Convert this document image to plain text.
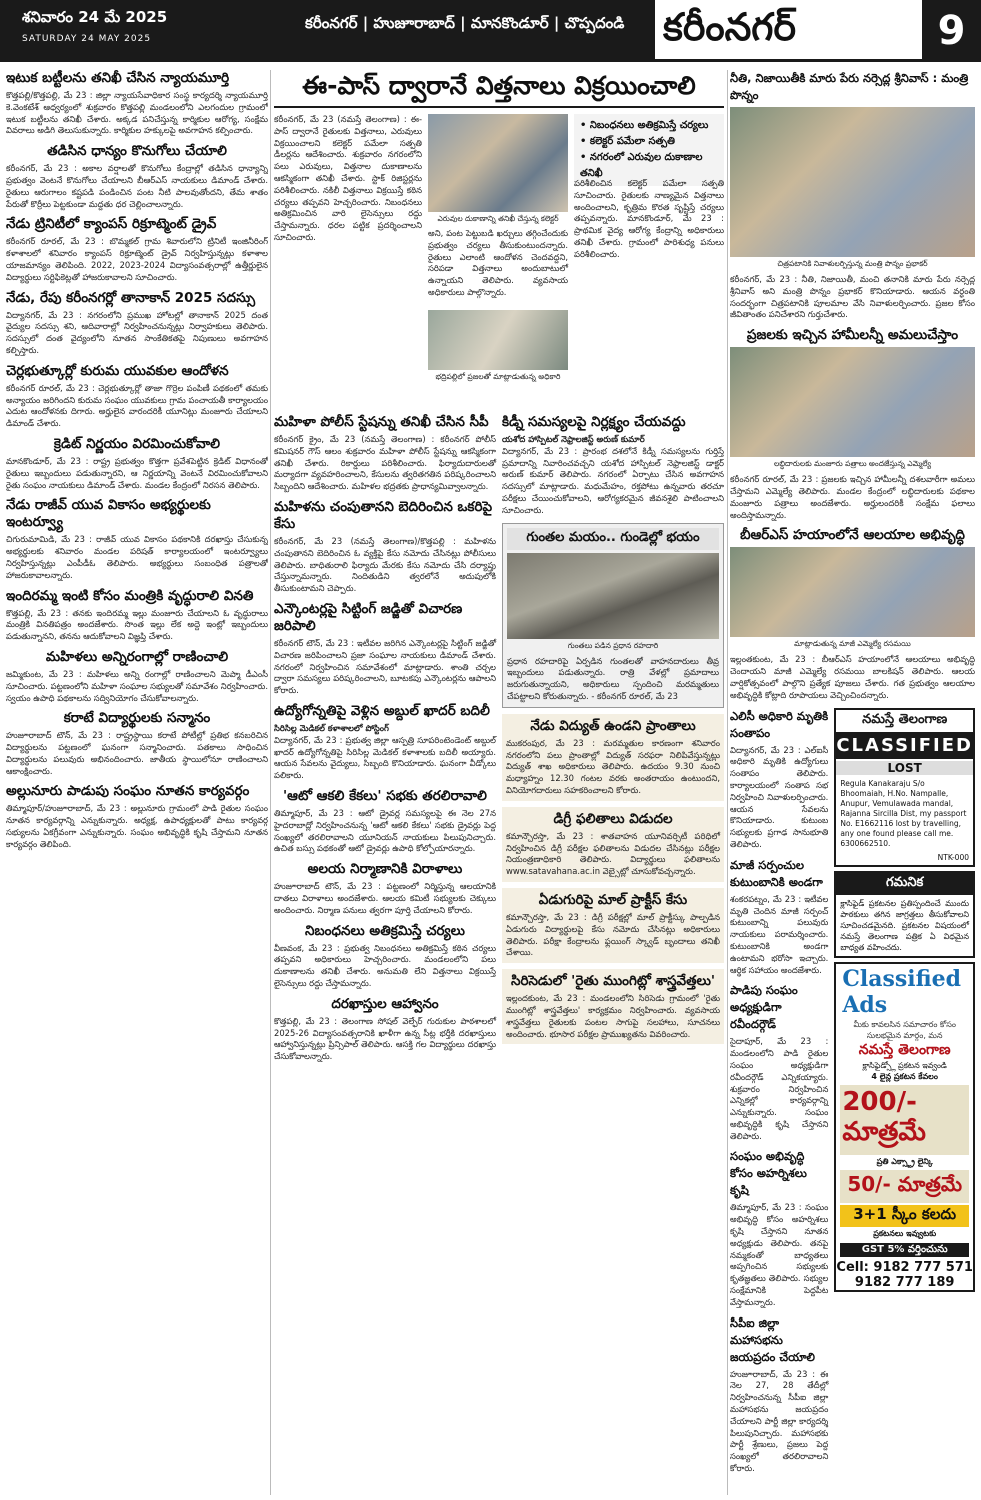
శనివారం 24 మే 2025
SATURDAY 24 MAY 2025
కరీంనగర్ | హుజూరాబాద్ | మానకొండూర్ | చొప్పదండి	కరీంనగర్	9
ఇటుక బట్టీలను తనిఖీ చేసిన న్యాయమూర్తి
కొత్తపల్లి/కొత్తపల్లి, మే 23 : జిల్లా న్యాయసేవాధికార సంస్థ కార్యదర్శి న్యాయమూర్తి కె.వెంకటేశ్ ఆధ్వర్యంలో శుక్రవారం కొత్తపల్లి మండలంలోని ఎలగందుల గ్రామంలో ఇటుక బట్టీలను తనిఖీ చేశారు. అక్కడ పనిచేస్తున్న కార్మికుల ఆరోగ్య, సంక్షేమ వివరాలు అడిగి తెలుసుకున్నారు. కార్మికుల హక్కులపై అవగాహన కల్పించారు.
తడిసిన ధాన్యం కొనుగోలు చేయాలి
కరీంనగర్, మే 23 : అకాల వర్షాలతో కొనుగోలు కేంద్రాల్లో తడిసిన ధాన్యాన్ని ప్రభుత్వం వెంటనే కొనుగోలు చేయాలని బీఆర్ఎస్ నాయకులు డిమాండ్ చేశారు. రైతులు ఆరుగాలం కష్టపడి పండించిన పంట నీటి పాలవుతోందని, తేమ శాతం పేరుతో కొర్రీలు పెట్టకుండా మద్దతు ధర చెల్లించాలన్నారు.
నేడు ట్రినిటీలో క్యాంపస్ రిక్రూట్మెంట్ డ్రైవ్
కరీంనగర్ రూరల్, మే 23 : బొమ్మకల్ గ్రామ శివారులోని ట్రినిటీ ఇంజినీరింగ్ కళాశాలలో శనివారం క్యాంపస్ రిక్రూట్మెంట్ డ్రైవ్ నిర్వహిస్తున్నట్లు కళాశాల యాజమాన్యం తెలిపింది. 2022, 2023-2024 విద్యాసంవత్సరాల్లో ఉత్తీర్ణులైన విద్యార్థులు సర్టిఫికెట్లతో హాజరుకావాలని సూచించారు.
నేడు, రేపు కరీంనగర్లో తానాకాన్ 2025 సదస్సు
విద్యానగర్, మే 23 : నగరంలోని ప్రముఖ హోటల్లో తానాకాన్ 2025 దంత వైద్యుల సదస్సు శని, ఆదివారాల్లో నిర్వహించనున్నట్లు నిర్వాహకులు తెలిపారు. సదస్సులో దంత వైద్యంలోని నూతన సాంకేతికతపై నిపుణులు అవగాహన కల్పిస్తారు.
చెర్లభుత్కూర్లో కురుమ యువకుల ఆందోళన
కరీంనగర్ రూరల్, మే 23 : చెర్లభుత్కూర్లో తాజా గొర్రెల పంపిణీ పథకంలో తమకు అన్యాయం జరిగిందని కురుమ సంఘం యువకులు గ్రామ పంచాయతీ కార్యాలయం ఎదుట ఆందోళనకు దిగారు. అర్హులైన వారందరికీ యూనిట్లు మంజూరు చేయాలని డిమాండ్ చేశారు.
క్రెడిట్ నిర్ణయం విరమించుకోవాలి
మానకొండూర్, మే 23 : రాష్ట్ర ప్రభుత్వం కొత్తగా ప్రవేశపెట్టిన క్రెడిట్ విధానంతో రైతులు ఇబ్బందులు పడుతున్నారని, ఆ నిర్ణయాన్ని వెంటనే విరమించుకోవాలని రైతు సంఘం నాయకులు డిమాండ్ చేశారు. మండల కేంద్రంలో నిరసన తెలిపారు.
నేడు రాజీవ్ యువ వికాసం అభ్యర్థులకు ఇంటర్వ్యూ
చిగురుమామిడి, మే 23 : రాజీవ్ యువ వికాసం పథకానికి దరఖాస్తు చేసుకున్న అభ్యర్థులకు శనివారం మండల పరిషత్ కార్యాలయంలో ఇంటర్వ్యూలు నిర్వహిస్తున్నట్లు ఎంపీడీఓ తెలిపారు. అభ్యర్థులు సంబంధిత పత్రాలతో హాజరుకావాలన్నారు.
ఇందిరమ్మ ఇంటి కోసం మంత్రికి వృద్ధురాలి వినతి
కొత్తపల్లి, మే 23 : తనకు ఇందిరమ్మ ఇల్లు మంజూరు చేయాలని ఓ వృద్ధురాలు మంత్రికి వినతిపత్రం అందజేశారు. సొంత ఇల్లు లేక అద్దె ఇంట్లో ఇబ్బందులు పడుతున్నానని, తనను ఆదుకోవాలని విజ్ఞప్తి చేశారు.
మహిళలు అన్నిరంగాల్లో రాణించాలి
జమ్మికుంట, మే 23 : మహిళలు అన్ని రంగాల్లో రాణించాలని మెప్మా డీఎంసీ సూచించారు. పట్టణంలోని మహిళా సంఘాల సభ్యులతో సమావేశం నిర్వహించారు. స్వయం ఉపాధి పథకాలను సద్వినియోగం చేసుకోవాలన్నారు.
కరాటే విద్యార్థులకు సన్మానం
హుజూరాబాద్ టౌన్, మే 23 : రాష్ట్రస్థాయి కరాటే పోటీల్లో ప్రతిభ కనబరిచిన విద్యార్థులను పట్టణంలో ఘనంగా సన్మానించారు. పతకాలు సాధించిన విద్యార్థులను పలువురు అభినందించారు. జాతీయ స్థాయిలోనూ రాణించాలని ఆకాంక్షించారు.
అల్లునూరు పాడుపు సంఘం నూతన కార్యవర్గం
తిమ్మాపూర్/హుజూరాబాద్, మే 23 : అల్లునూరు గ్రామంలో పాడి రైతుల సంఘం నూతన కార్యవర్గాన్ని ఎన్నుకున్నారు. అధ్యక్ష, ఉపాధ్యక్షులతో పాటు కార్యవర్గ సభ్యులను ఏకగ్రీవంగా ఎన్నుకున్నారు. సంఘం అభివృద్ధికి కృషి చేస్తామని నూతన కార్యవర్గం తెలిపింది.
ఈ-పాస్ ద్వారానే విత్తనాలు విక్రయించాలి
కరీంనగర్, మే 23 (నమస్తే తెలంగాణ) : ఈ-పాస్ ద్వారానే రైతులకు విత్తనాలు, ఎరువులు విక్రయించాలని కలెక్టర్ పమేలా సత్పతి డీలర్లను ఆదేశించారు. శుక్రవారం నగరంలోని పలు ఎరువులు, విత్తనాల దుకాణాలను ఆకస్మికంగా తనిఖీ చేశారు. స్టాక్ రిజిస్టర్లను పరిశీలించారు. నకిలీ విత్తనాలు విక్రయిస్తే కఠిన చర్యలు తప్పవని హెచ్చరించారు. నిబంధనలు అతిక్రమించిన వారి లైసెన్సులు రద్దు చేస్తామన్నారు. ధరల పట్టిక ప్రదర్శించాలని సూచించారు.
ఎరువుల దుకాణాన్ని తనిఖీ చేస్తున్న కలెక్టర్
• నిబంధనలు అతిక్రమిస్తే చర్యలు
• కలెక్టర్ పమేలా సత్పతి
• నగరంలో ఎరువుల దుకాణాల తనిఖీ
అని, పంట పెట్టుబడి ఖర్చులు తగ్గించేందుకు ప్రభుత్వం చర్యలు తీసుకుంటుందన్నారు. రైతులు ఎలాంటి ఆందోళన చెందవద్దని, సరిపడా విత్తనాలు అందుబాటులో ఉన్నాయని తెలిపారు. వ్యవసాయ అధికారులు పాల్గొన్నారు.
భద్రిపల్లిలో ప్రజలతో మాట్లాడుతున్న అధికారి
పరిశీలించిన కలెక్టర్ పమేలా సత్పతి సూచించారు. రైతులకు నాణ్యమైన విత్తనాలు అందించాలని, కృత్రిమ కొరత సృష్టిస్తే చర్యలు తప్పవన్నారు. మానకొండూర్, మే 23 : ప్రాథమిక వైద్య ఆరోగ్య కేంద్రాన్ని అధికారులు తనిఖీ చేశారు. గ్రామంలో పారిశుధ్య పనులు పరిశీలించారు.
మహిళా పోలీస్ స్టేషన్ను తనిఖీ చేసిన సీపీ
కరీంనగర్ క్రైం, మే 23 (నమస్తే తెలంగాణ) : కరీంనగర్ పోలీస్ కమిషనర్ గౌస్ ఆలం శుక్రవారం మహిళా పోలీస్ స్టేషన్ను ఆకస్మికంగా తనిఖీ చేశారు. రికార్డులు పరిశీలించారు. ఫిర్యాదుదారులతో మర్యాదగా వ్యవహరించాలని, కేసులను త్వరితగతిన పరిష్కరించాలని సిబ్బందిని ఆదేశించారు. మహిళల భద్రతకు ప్రాధాన్యమివ్వాలన్నారు.
మహిళను చంపుతానని బెదిరించిన ఒకరిపై కేసు
కరీంనగర్, మే 23 (నమస్తే తెలంగాణ)/కొత్తపల్లి : మహిళను చంపుతానని బెదిరించిన ఓ వ్యక్తిపై కేసు నమోదు చేసినట్లు పోలీసులు తెలిపారు. బాధితురాలి ఫిర్యాదు మేరకు కేసు నమోదు చేసి దర్యాప్తు చేస్తున్నామన్నారు. నిందితుడిని త్వరలోనే అదుపులోకి తీసుకుంటామని చెప్పారు.
ఎన్కౌంటర్లపై సిట్టింగ్ జడ్జితో విచారణ జరిపాలి
కరీంనగర్ టౌన్, మే 23 : ఇటీవల జరిగిన ఎన్కౌంటర్లపై సిట్టింగ్ జడ్జితో విచారణ జరిపించాలని ప్రజా సంఘాల నాయకులు డిమాండ్ చేశారు. నగరంలో నిర్వహించిన సమావేశంలో మాట్లాడారు. శాంతి చర్చల ద్వారా సమస్యలు పరిష్కరించాలని, బూటకపు ఎన్కౌంటర్లను ఆపాలని కోరారు.
ఉద్యోగోన్నతిపై వెళ్లిన అబ్దుల్ ఖాదర్ బదిలీ
సిరిసిల్ల మెడికల్ కళాశాలలో పోస్టింగ్
విద్యానగర్, మే 23 : ప్రభుత్వ జిల్లా ఆస్పత్రి సూపరింటెండెంట్ అబ్దుల్ ఖాదర్ ఉద్యోగోన్నతిపై సిరిసిల్ల మెడికల్ కళాశాలకు బదిలీ అయ్యారు. ఆయన సేవలను వైద్యులు, సిబ్బంది కొనియాడారు. ఘనంగా వీడ్కోలు పలికారు.
'ఆటో ఆకలి కేకలు' సభకు తరలిరావాలి
తిమ్మాపూర్, మే 23 : ఆటో డ్రైవర్ల సమస్యలపై ఈ నెల 27న హైదరాబాద్లో నిర్వహించనున్న 'ఆటో ఆకలి కేకలు' సభకు డ్రైవర్లు పెద్ద సంఖ్యలో తరలిరావాలని యూనియన్ నాయకులు పిలుపునిచ్చారు. ఉచిత బస్సు పథకంతో ఆటో డ్రైవర్లు ఉపాధి కోల్పోయారన్నారు.
అలయ నిర్మాణానికి విరాళాలు
హుజూరాబాద్ టౌన్, మే 23 : పట్టణంలో నిర్మిస్తున్న ఆలయానికి దాతలు విరాళాలు అందజేశారు. ఆలయ కమిటీ సభ్యులకు చెక్కులు అందించారు. నిర్మాణ పనులు త్వరగా పూర్తి చేయాలని కోరారు.
నిబంధనలు అతిక్రమిస్తే చర్యలు
వీణవంక, మే 23 : ప్రభుత్వ నిబంధనలు అతిక్రమిస్తే కఠిన చర్యలు తప్పవని అధికారులు హెచ్చరించారు. మండలంలోని పలు దుకాణాలను తనిఖీ చేశారు. అనుమతి లేని విత్తనాలు విక్రయిస్తే లైసెన్సులు రద్దు చేస్తామన్నారు.
దరఖాస్తుల ఆహ్వానం
కొత్తపల్లి, మే 23 : తెలంగాణ సోషల్ వెల్ఫేర్ గురుకుల పాఠశాలలో 2025-26 విద్యాసంవత్సరానికి ఖాళీగా ఉన్న సీట్ల భర్తీకి దరఖాస్తులు ఆహ్వానిస్తున్నట్లు ప్రిన్సిపాల్ తెలిపారు. ఆసక్తి గల విద్యార్థులు దరఖాస్తు చేసుకోవాలన్నారు.
కిడ్నీ సమస్యలపై నిర్లక్ష్యం చేయవద్దు
యశోద హాస్పిటల్ నెఫ్రాలజిస్ట్ అరుణ్ కుమార్
విద్యానగర్, మే 23 : ప్రారంభ దశలోనే కిడ్నీ సమస్యలను గుర్తిస్తే ప్రమాదాన్ని నివారించవచ్చని యశోద హాస్పిటల్ నెఫ్రాలజిస్ట్ డాక్టర్ అరుణ్ కుమార్ తెలిపారు. నగరంలో ఏర్పాటు చేసిన అవగాహన సదస్సులో మాట్లాడారు. మధుమేహం, రక్తపోటు ఉన్నవారు తరచూ పరీక్షలు చేయించుకోవాలని, ఆరోగ్యకరమైన జీవనశైలి పాటించాలని సూచించారు.
గుంతల మయం.. గుండెల్లో భయం
గుంతలు పడిన ప్రధాన రహదారి
ప్రధాన రహదారిపై ఏర్పడిన గుంతలతో వాహనదారులు తీవ్ర ఇబ్బందులు పడుతున్నారు. రాత్రి వేళల్లో ప్రమాదాలు జరుగుతున్నాయని, అధికారులు స్పందించి మరమ్మతులు చేపట్టాలని కోరుతున్నారు. - కరీంనగర్ రూరల్, మే 23
నేడు విద్యుత్ ఉండని ప్రాంతాలు
ముకరంపుర, మే 23 : మరమ్మతుల కారణంగా శనివారం నగరంలోని పలు ప్రాంతాల్లో విద్యుత్ సరఫరా నిలిపివేస్తున్నట్లు విద్యుత్ శాఖ అధికారులు తెలిపారు. ఉదయం 9.30 నుంచి మధ్యాహ్నం 12.30 గంటల వరకు అంతరాయం ఉంటుందని, వినియోగదారులు సహకరించాలని కోరారు.
డిగ్రీ ఫలితాలు విడుదల
కమాన్చౌరస్తా, మే 23 : శాతవాహన యూనివర్సిటీ పరిధిలో నిర్వహించిన డిగ్రీ పరీక్షల ఫలితాలను విడుదల చేసినట్లు పరీక్షల నియంత్రణాధికారి తెలిపారు. విద్యార్థులు ఫలితాలను www.satavahana.ac.in వెబ్సైట్లో చూసుకోవచ్చన్నారు.
ఏడుగురిపై మాల్ ప్రాక్టీస్ కేసు
కమాన్చౌరస్తా, మే 23 : డిగ్రీ పరీక్షల్లో మాల్ ప్రాక్టీస్కు పాల్పడిన ఏడుగురు విద్యార్థులపై కేసు నమోదు చేసినట్లు అధికారులు తెలిపారు. పరీక్షా కేంద్రాలను ఫ్లయింగ్ స్క్వాడ్ బృందాలు తనిఖీ చేశాయి.
సిరిసెడులో 'రైతు ముంగిట్లో శాస్త్రవేత్తలు'
ఇల్లందకుంట, మే 23 : మండలంలోని సిరిసెడు గ్రామంలో 'రైతు ముంగిట్లో శాస్త్రవేత్తలు' కార్యక్రమం నిర్వహించారు. వ్యవసాయ శాస్త్రవేత్తలు రైతులకు పంటల సాగుపై సలహాలు, సూచనలు అందించారు. భూసార పరీక్షల ప్రాముఖ్యతను వివరించారు.
నీతి, నిజాయితీకి మారు పేరు నర్సెద్ల శ్రీనివాస్ : మంత్రి పొన్నం
చిత్రపటానికి నివాళులర్పిస్తున్న మంత్రి పొన్నం ప్రభాకర్
కరీంనగర్, మే 23 : నీతి, నిజాయితీ, మంచి తనానికి మారు పేరు నర్సెద్ల శ్రీనివాస్ అని మంత్రి పొన్నం ప్రభాకర్ కొనియాడారు. ఆయన వర్ధంతి సందర్భంగా చిత్రపటానికి పూలమాల వేసి నివాళులర్పించారు. ప్రజల కోసం జీవితాంతం పనిచేశారని గుర్తుచేశారు.
ప్రజలకు ఇచ్చిన హామీలన్నీ అమలుచేస్తాం
లబ్ధిదారులకు మంజూరు పత్రాలు అందజేస్తున్న ఎమ్మెల్యే
కరీంనగర్ రూరల్, మే 23 : ప్రజలకు ఇచ్చిన హామీలన్నీ దశలవారీగా అమలు చేస్తామని ఎమ్మెల్యే తెలిపారు. మండల కేంద్రంలో లబ్ధిదారులకు పథకాల మంజూరు పత్రాలు అందజేశారు. అర్హులందరికీ సంక్షేమ ఫలాలు అందిస్తామన్నారు.
బీఆర్ఎస్ హయాంలోనే ఆలయాల అభివృద్ధి
మాట్లాడుతున్న మాజీ ఎమ్మెల్యే రసమయి
ఇల్లంతకుంట, మే 23 : బీఆర్ఎస్ హయాంలోనే ఆలయాలు అభివృద్ధి చెందాయని మాజీ ఎమ్మెల్యే రసమయి బాలకిషన్ తెలిపారు. ఆలయ వార్షికోత్సవంలో పాల్గొని ప్రత్యేక పూజలు చేశారు. గత ప్రభుత్వం ఆలయాల అభివృద్ధికి కోట్లాది రూపాయలు వెచ్చించిందన్నారు.
ఎలిసీ అధికారి మృతికి సంతాపం
విద్యానగర్, మే 23 : ఎల్ఐసీ అధికారి మృతికి ఉద్యోగులు సంతాపం తెలిపారు. కార్యాలయంలో సంతాప సభ నిర్వహించి నివాళులర్పించారు. ఆయన సేవలను కొనియాడారు. కుటుంబ సభ్యులకు ప్రగాఢ సానుభూతి తెలిపారు.
మాజీ సర్పంచుల కుటుంబానికి అండగా
శంకరపట్నం, మే 23 : ఇటీవల మృతి చెందిన మాజీ సర్పంచ్ కుటుంబాన్ని పలువురు నాయకులు పరామర్శించారు. కుటుంబానికి అండగా ఉంటామని భరోసా ఇచ్చారు. ఆర్థిక సహాయం అందజేశారు.
పాడిపు సంఘం అధ్యక్షుడిగా రవీందర్గౌడ్
సైదాపూర్, మే 23 : మండలంలోని పాడి రైతుల సంఘం అధ్యక్షుడిగా రవీందర్గౌడ్ ఎన్నికయ్యారు. శుక్రవారం నిర్వహించిన ఎన్నికల్లో కార్యవర్గాన్ని ఎన్నుకున్నారు. సంఘం అభివృద్ధికి కృషి చేస్తానని తెలిపారు.
సంఘం అభివృద్ధి కోసం అహర్నిశలు కృషి
తిమ్మాపూర్, మే 23 : సంఘం అభివృద్ధి కోసం అహర్నిశలు కృషి చేస్తానని నూతన అధ్యక్షుడు తెలిపారు. తనపై నమ్మకంతో బాధ్యతలు అప్పగించిన సభ్యులకు కృతజ్ఞతలు తెలిపారు. సభ్యుల సంక్షేమానికి పెద్దపీట వేస్తామన్నారు.
సీపీఐ జిల్లా మహాసభను జయప్రదం చేయాలి
హుజూరాబాద్, మే 23 : ఈ నెల 27, 28 తేదీల్లో నిర్వహించనున్న సీపీఐ జిల్లా మహాసభను జయప్రదం చేయాలని పార్టీ జిల్లా కార్యదర్శి పిలుపునిచ్చారు. మహాసభకు పార్టీ శ్రేణులు, ప్రజలు పెద్ద సంఖ్యలో తరలిరావాలని కోరారు.
నమస్తే తెలంగాణ
CLASSIFIED
LOST
Regula Kanakaraju S/o Bhoomaiah, H.No. Nampalle, Anupur, Vemulawada mandal, Rajanna Sircilla Dist, my passport No. E1662116 lost by travelling, any one found please call me. 6300662510.
NTK-000
గమనిక
క్లాసిఫైడ్ ప్రకటనల ప్రతిస్పందించే ముందు పాఠకులు తగిన జాగ్రత్తలు తీసుకోవాలని సూచించడమైనది. ప్రకటనల విషయంలో నమస్తే తెలంగాణ పత్రిక ఏ విధమైన బాధ్యత వహించదు.
Classified Ads
మీకు కావలసిన సమాచారం కోసం సులభమైన మార్గం, మన
నమస్తే తెలంగాణ
క్లాసిఫైడ్స్లో ప్రకటన ఇవ్వండి
4 లైన్ల ప్రకటన కేవలం
200/- మాత్రమే
ప్రతి ఎక్స్ట్రా లైన్కి
50/- మాత్రమే
3+1 స్కీం కలదు
ప్రకటనలు ఇవ్వుటకు
GST 5% వర్తించును
Cell: 9182 777 571
9182 777 189
